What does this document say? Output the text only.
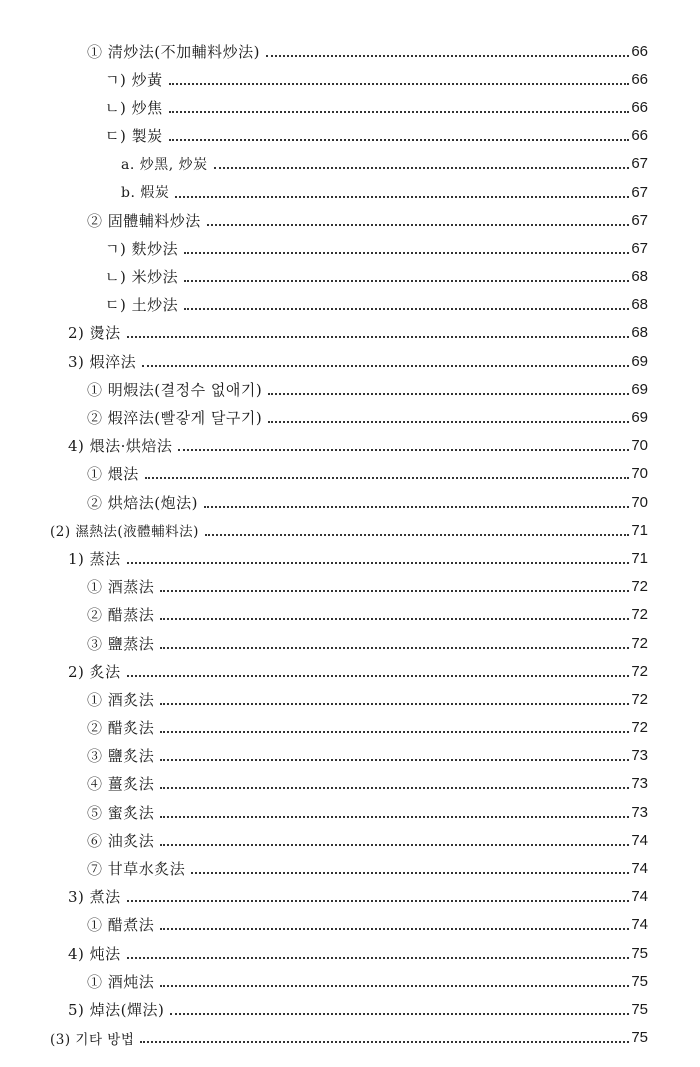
① 淸炒法(不加輔料炒法)	66
ㄱ) 炒黃	66
ㄴ) 炒焦	66
ㄷ) 製炭	66
a. 炒黑, 炒炭	67
b. 煆炭	67
② 固體輔料炒法	67
ㄱ) 麩炒法	67
ㄴ) 米炒法	68
ㄷ) 土炒法	68
2) 燙法	68
3) 煆淬法	69
① 明煆法(결정수 없애기)	69
② 煆淬法(빨갛게 달구기)	69
4) 煨法·烘焙法	70
① 煨法	70
② 烘焙法(炮法)	70
(2) 濕熱法(液體輔料法)	71
1) 蒸法	71
① 酒蒸法	72
② 醋蒸法	72
③ 鹽蒸法	72
2) 炙法	72
① 酒炙法	72
② 醋炙法	72
③ 鹽炙法	73
④ 薑炙法	73
⑤ 蜜炙法	73
⑥ 油炙法	74
⑦ 甘草水炙法	74
3) 煮法	74
① 醋煮法	74
4) 炖法	75
① 酒炖法	75
5) 焯法(燀法)	75
(3) 기타 방법	75
